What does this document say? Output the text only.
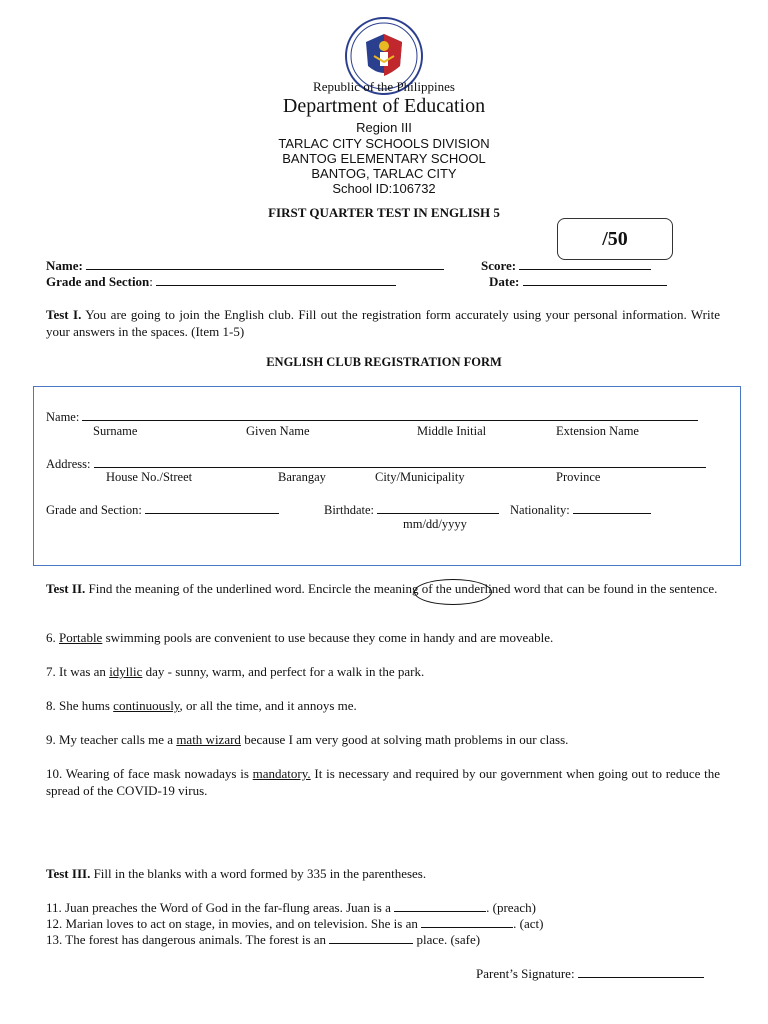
Republic of the Philippines
Department of Education
Region III
TARLAC CITY SCHOOLS DIVISION
BANTOG ELEMENTARY SCHOOL
BANTOG, TARLAC CITY
School ID:106732
FIRST QUARTER TEST IN ENGLISH 5
/50
Name:	Score:
Grade and Section:	Date:
Test I. You are going to join the English club. Fill out the registration form accurately using your personal information. Write your answers in the spaces. (Item 1-5)
ENGLISH CLUB REGISTRATION FORM
Name:
Surname	Given Name	Middle Initial	Extension Name
Address:
House No./Street	Barangay	City/Municipality	Province
Grade and Section:	Birthdate:	Nationality:
mm/dd/yyyy
Test II. Find the meaning of the underlined word. Encircle the meaning of the underlined word that can be found in the sentence.
6. Portable swimming pools are convenient to use because they come in handy and are moveable.
7. It was an idyllic day - sunny, warm, and perfect for a walk in the park.
8. She hums continuously, or all the time, and it annoys me.
9. My teacher calls me a math wizard because I am very good at solving math problems in our class.
10. Wearing of face mask nowadays is mandatory. It is necessary and required by our government when going out to reduce the spread of the COVID-19 virus.
Test III. Fill in the blanks with a word formed by 335 in the parentheses.
11. Juan preaches the Word of God in the far-flung areas. Juan is a	. (preach)
12. Marian loves to act on stage, in movies, and on television. She is an	. (act)
13. The forest has dangerous animals. The forest is an	place. (safe)
Parent’s Signature:
